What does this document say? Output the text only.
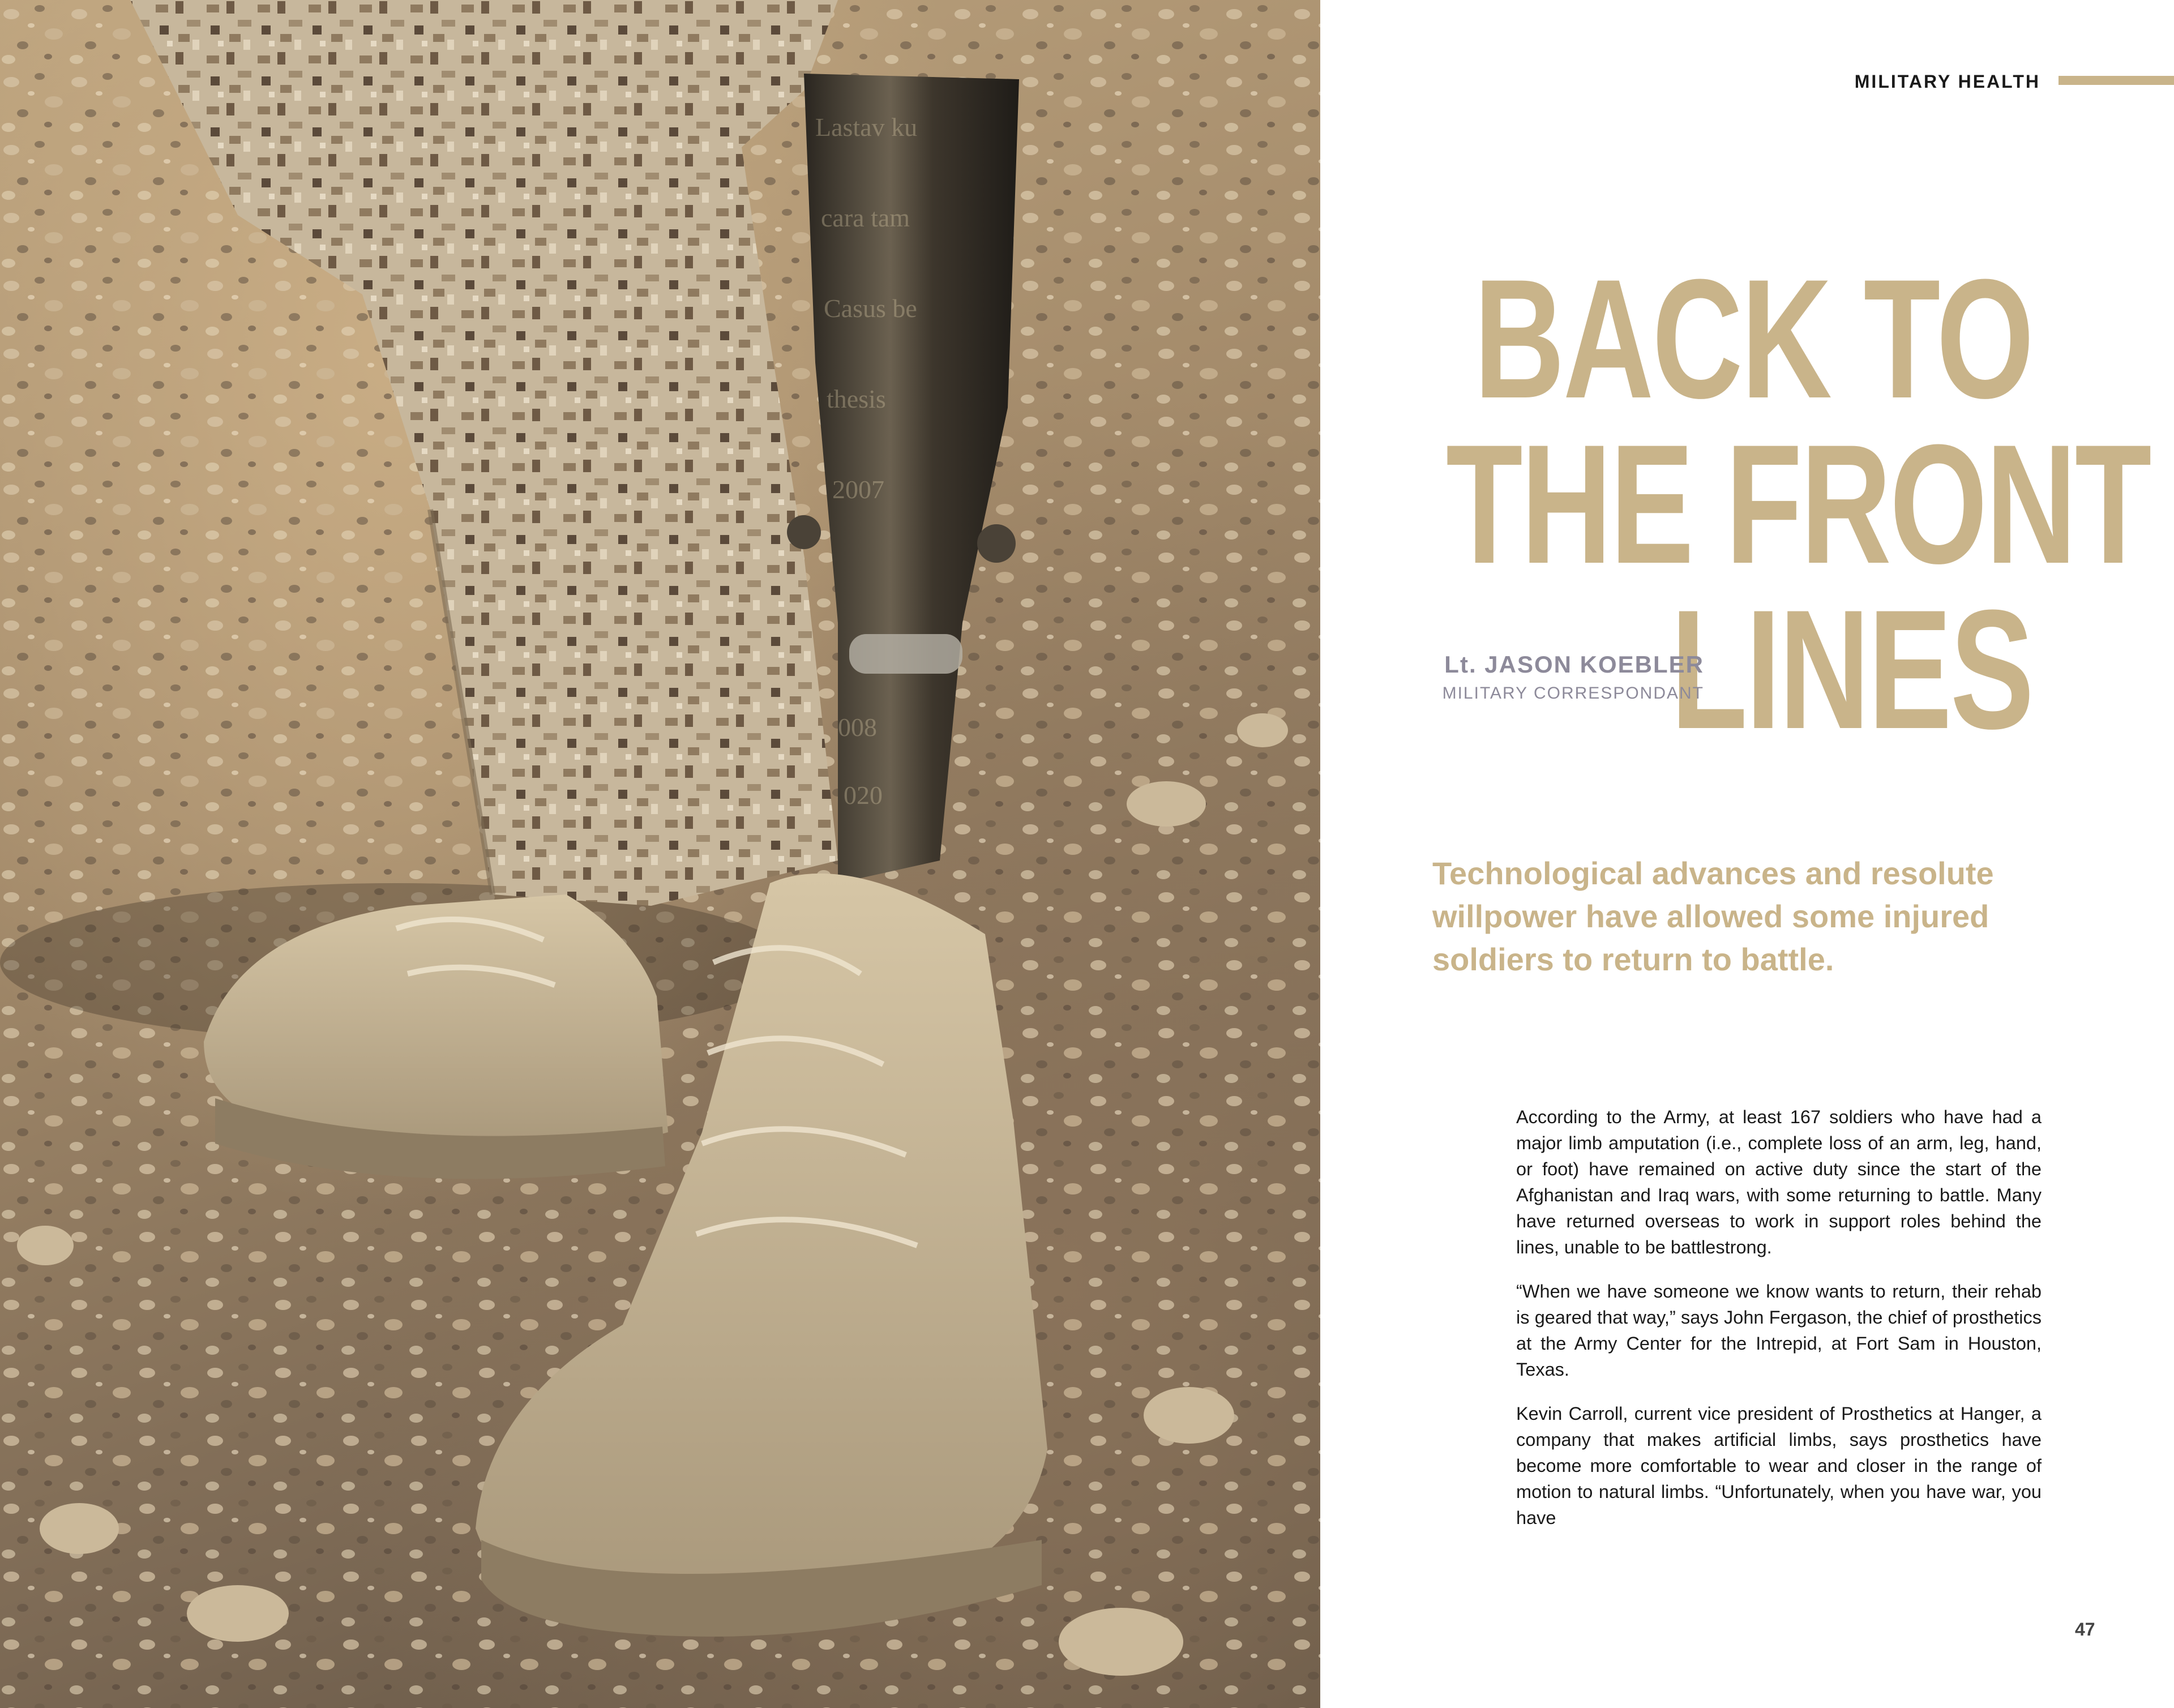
Lastav ku
cara tam
Casus be
thesis
2007
008
020
MILITARY HEALTH
BACK TO
THE FRONT
LINES
Lt. JASON KOEBLER
MILITARY CORRESPONDANT
Technological advances and resolute willpower have allowed some injured soldiers to return to battle.

According to the Army, at least 167 soldiers who have had a major limb amputation (i.e., complete loss of an arm, leg, hand, or foot) have remained on active duty since the start of the Afghanistan and Iraq wars, with some returning to battle. Many have returned overseas to work in support roles behind the lines, unable to be battlestrong.

“When we have someone we know wants to return, their rehab is geared that way,” says John Fergason, the chief of prosthetics at the Army Center for the Intrepid, at Fort Sam in Houston, Texas.

Kevin Carroll, current vice president of Prosthetics at Hanger, a company that makes artificial limbs, says prosthetics have become more comfortable to wear and closer in the range of motion to natural limbs. “Unfortunately, when you have war, you have

47
